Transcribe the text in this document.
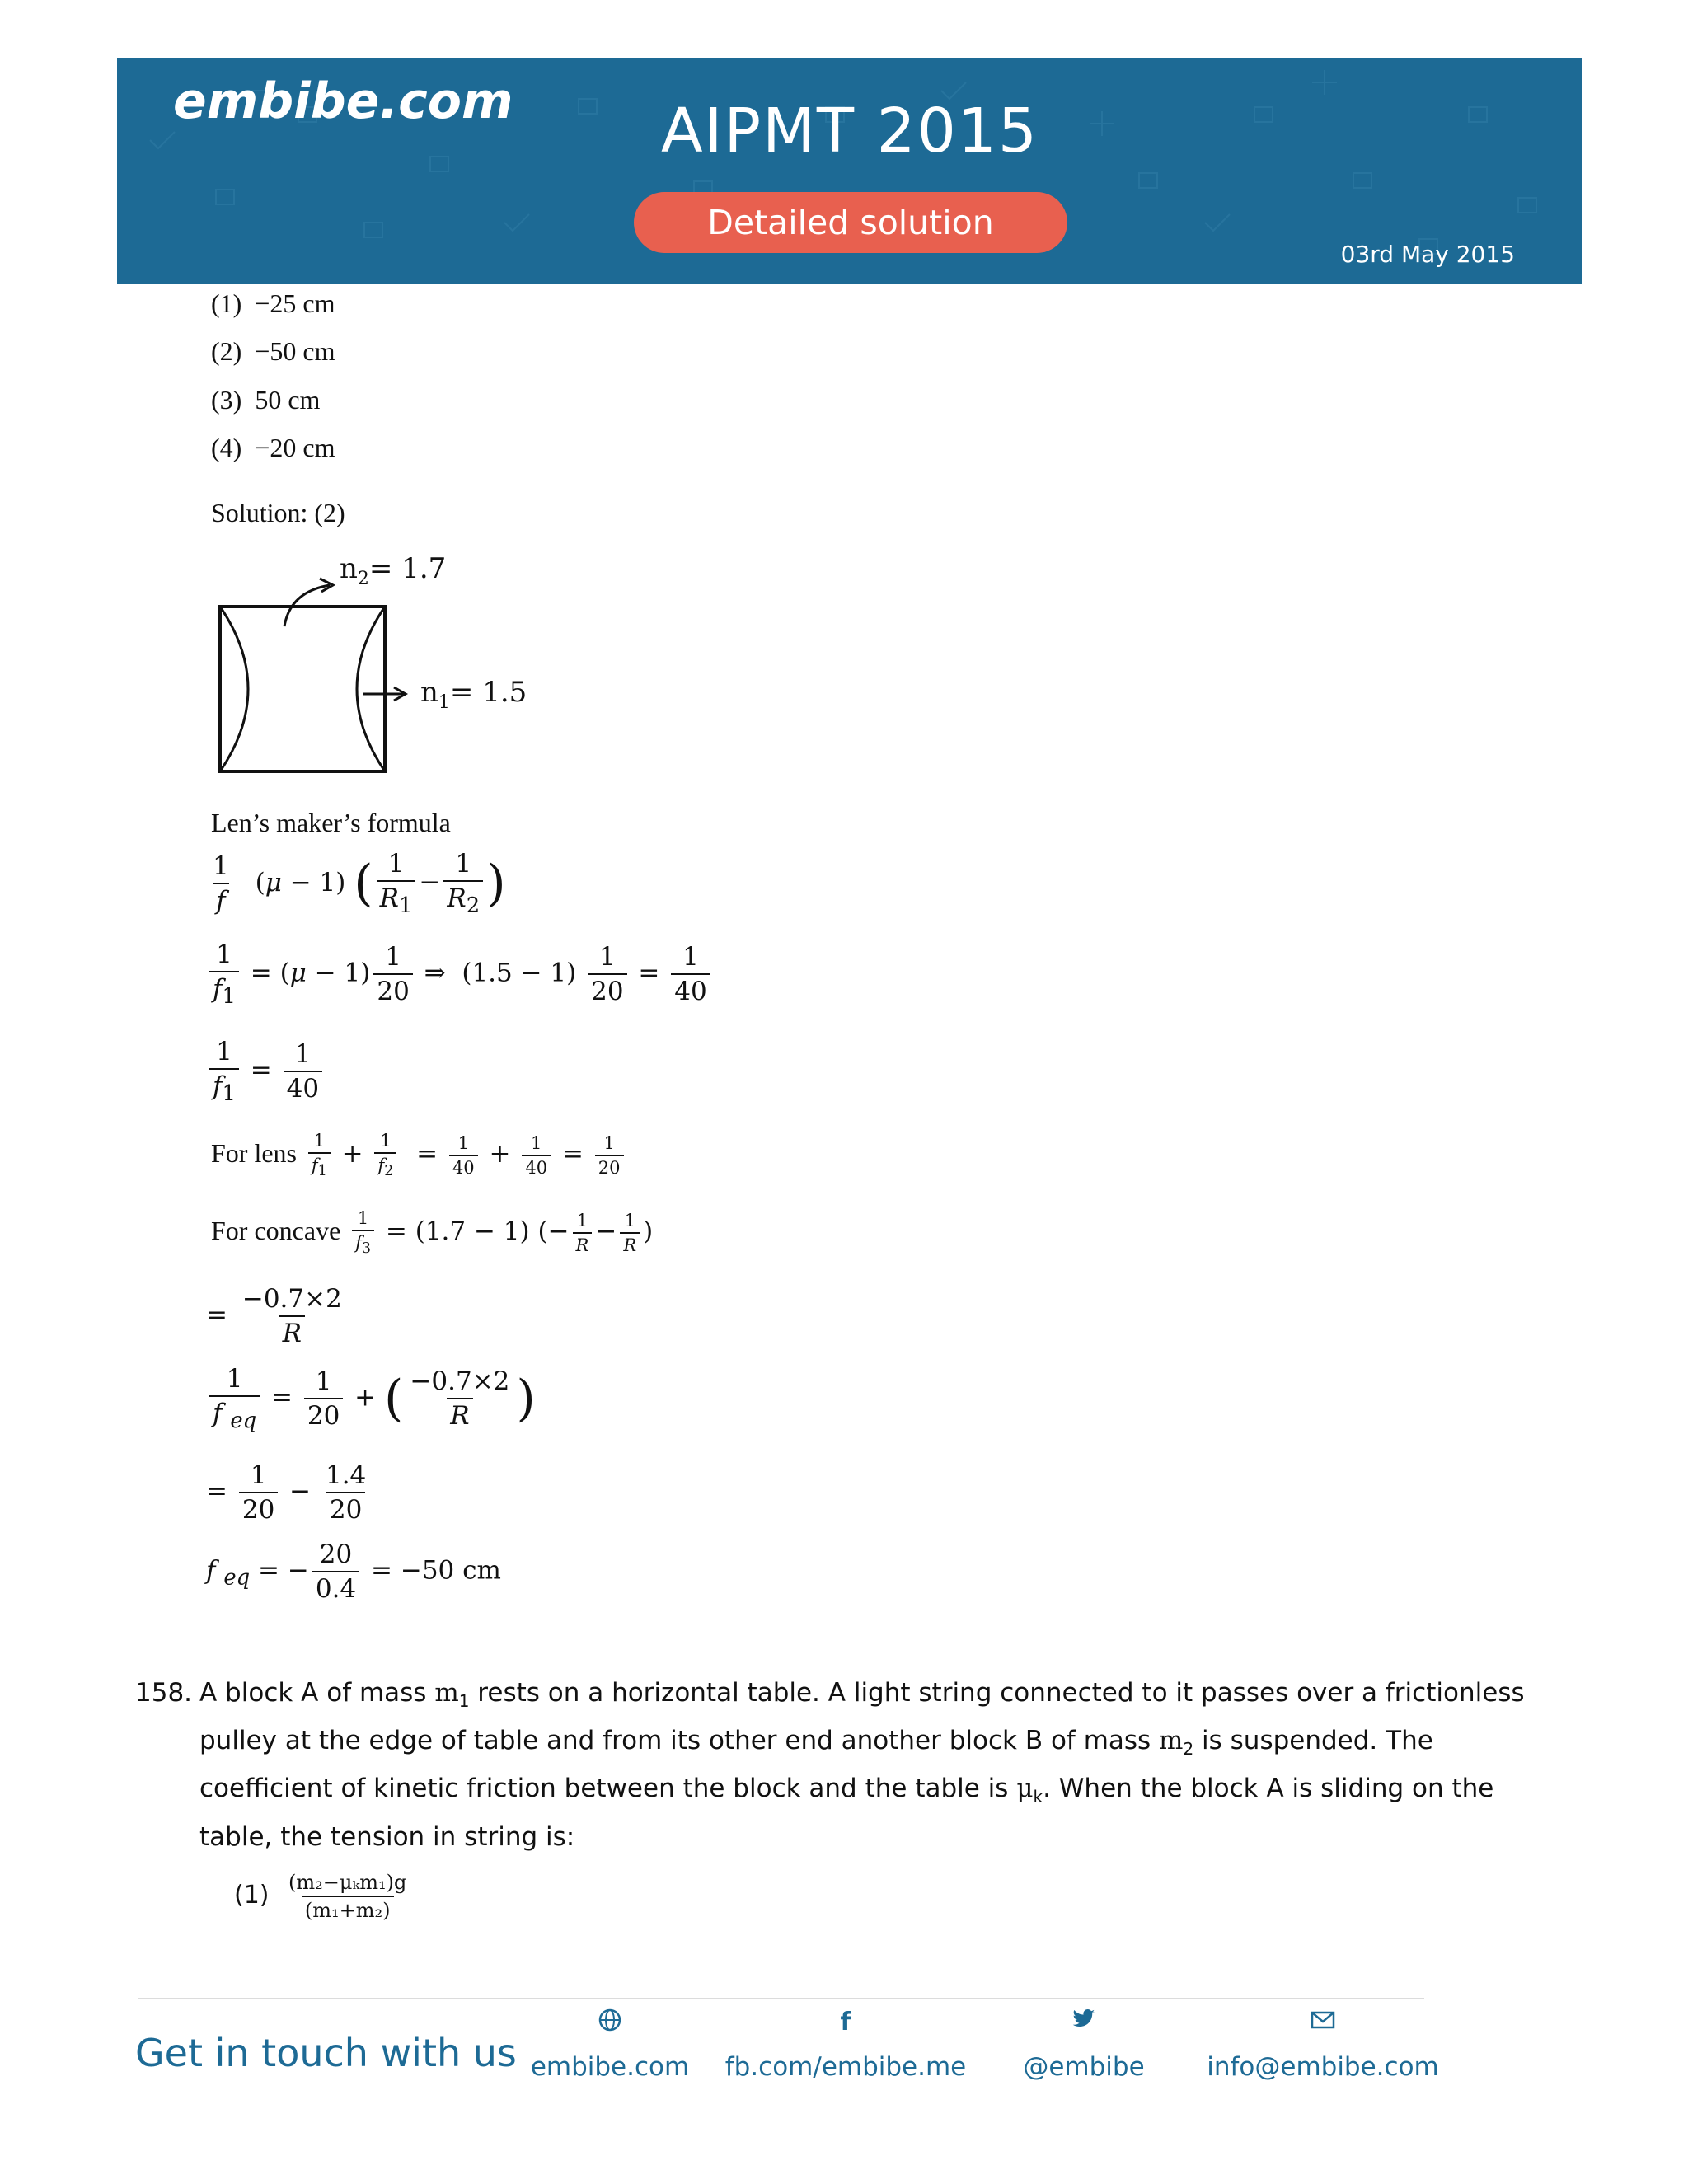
embibe.com	AIPMT 2015
Detailed solution
03rd May 2015
(1) −25 cm
(2) −50 cm
(3) 50 cm
(4) −20 cm
Solution: (2)
$n_2= 1.7$
$n_1= 1.5$
Len’s maker’s formula
$\frac{1}{f} (\mu - 1)$ ( $\frac{1}{R_1} - \frac{1}{R_2}$ )
$\frac{1}{f_1} = (\mu - 1) \frac{1}{20}$ ⇒  $(1.5 - 1) \frac{1}{20} = \frac{1}{40}$
$\frac{1}{f_1} = \frac{1}{40}$
For lens $\frac{1}{f_1} + \frac{1}{f_2} = \frac{1}{40} + \frac{1}{40} = \frac{1}{20}$
For concave $\frac{1}{f_3} = (1.7 - 1)$ (− $\frac{1}{R} - \frac{1}{R}$ )
= $\frac{-0.7\times 2}{R}$
$\frac{1}{f _{eq}} = \frac{1}{20}$ + ( $\frac{-0.7\times 2}{R}$ )
= $\frac{1}{20} - \frac{1.4}{20}$
f $_{eq}$ = − $\frac{20}{0.4} = -50$ cm
158. A block A of mass $m_1$ rests on a horizontal table. A light string connected to it passes over a frictionless pulley at the edge of table and from its other end another block B of mass $m_2$ is suspended. The coefficient of kinetic friction between the block and the table is $\mu_k$. When the block A is sliding on the table, the tension in string is:
$(1) \frac{\text{(m₂−μₖm₁)g}}{\text{(m₁+m₂)}}$
Get in touch with us embibe.com
f
fb.com/embibe.me	@embibe	info@embibe.com
